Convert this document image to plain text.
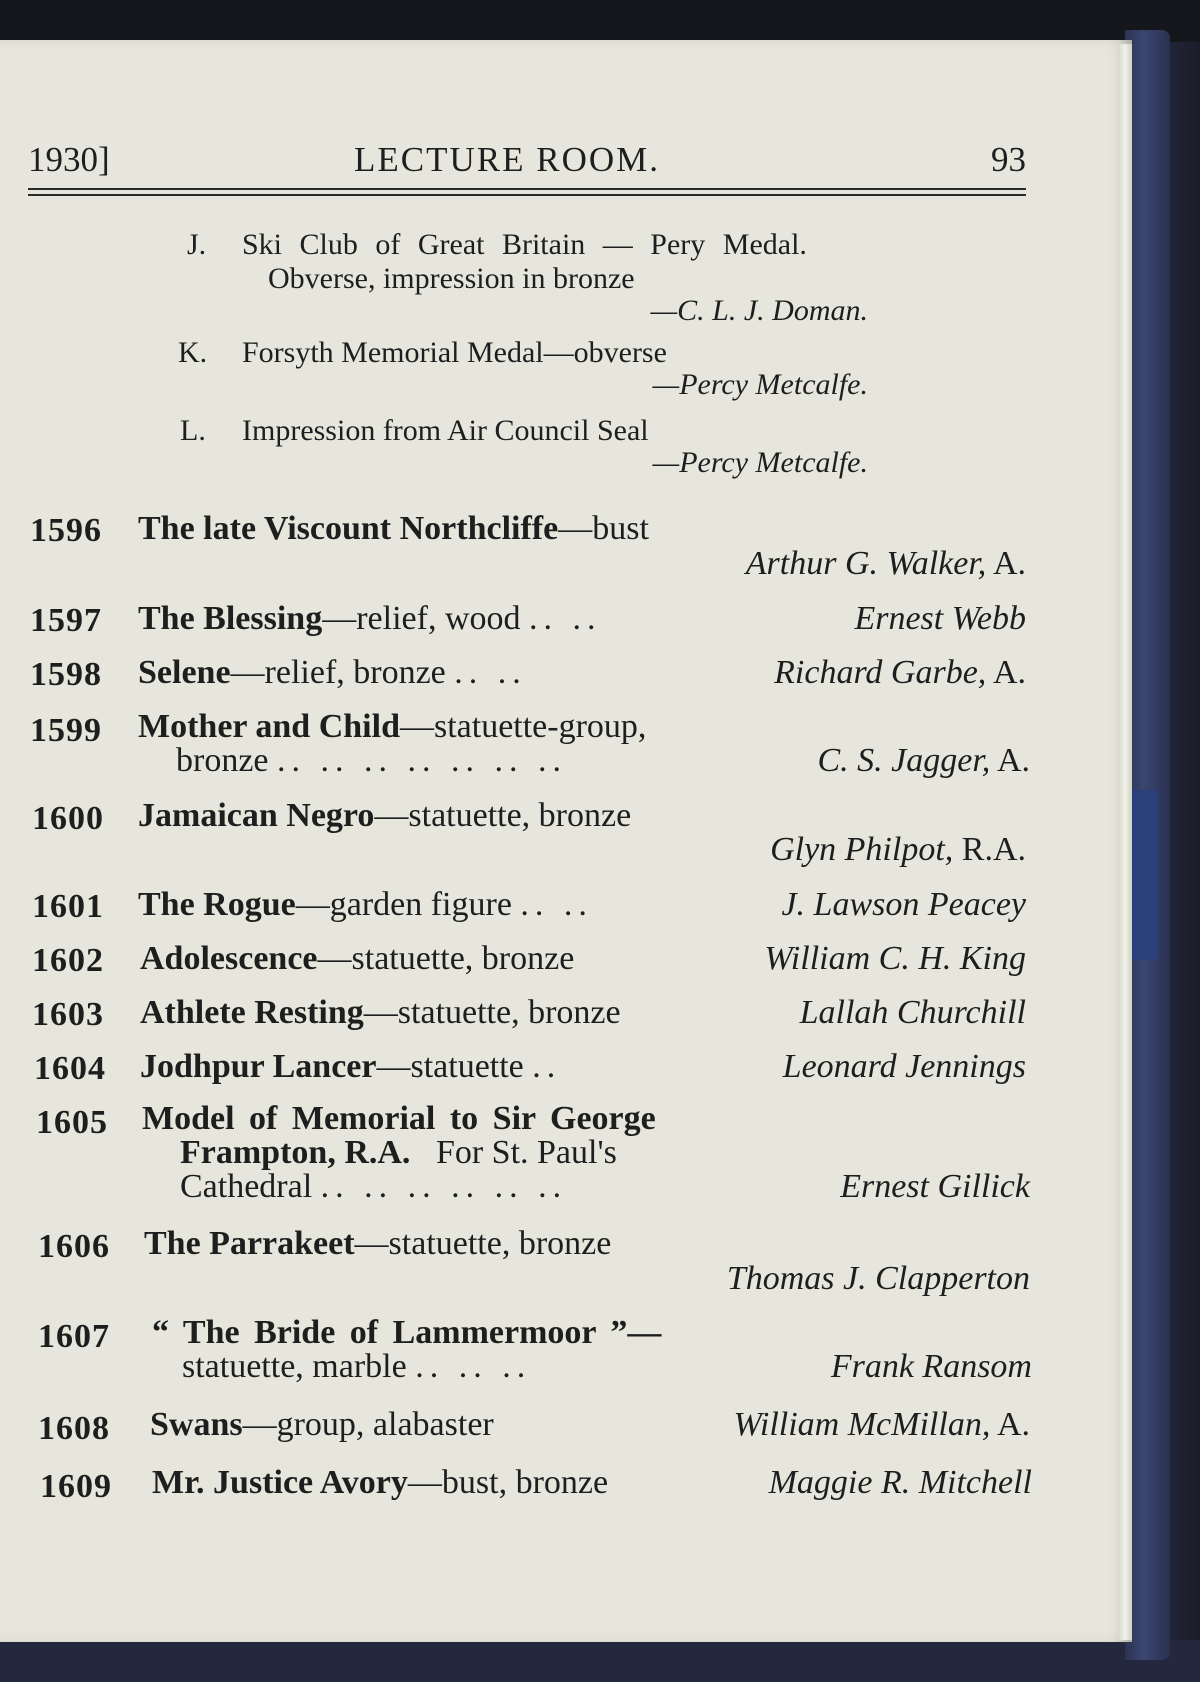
1930]	LECTURE ROOM.	93
J. Ski Club of Great Britain — Pery Medal.
Obverse, impression in bronze
—C. L. J. Doman.
K. Forsyth Memorial Medal—obverse
—Percy Metcalfe.
L. Impression from Air Council Seal
—Percy Metcalfe.
1596 The late Viscount Northcliffe—bust
Arthur G. Walker, A.
1597 The Blessing—relief, wood .. ..	Ernest Webb
1598 Selene—relief, bronze .. ..	Richard Garbe, A.
1599 Mother and Child—statuette-group,
bronze .. .. .. .. .. .. ..	C. S. Jagger, A.
1600 Jamaican Negro—statuette, bronze
Glyn Philpot, R.A.
1601 The Rogue—garden figure .. ..	J. Lawson Peacey
1602 Adolescence—statuette, bronze	William C. H. King
1603 Athlete Resting—statuette, bronze	Lallah Churchill
1604 Jodhpur Lancer—statuette ..	Leonard Jennings
1605 Model of Memorial to Sir George
Frampton, R.A. For St. Paul's
Cathedral .. .. .. .. .. ..	Ernest Gillick
1606 The Parrakeet—statuette, bronze
Thomas J. Clapperton
1607 “ The Bride of Lammermoor ”—
statuette, marble .. .. ..	Frank Ransom
1608 Swans—group, alabaster	William McMillan, A.
1609 Mr. Justice Avory—bust, bronze	Maggie R. Mitchell
